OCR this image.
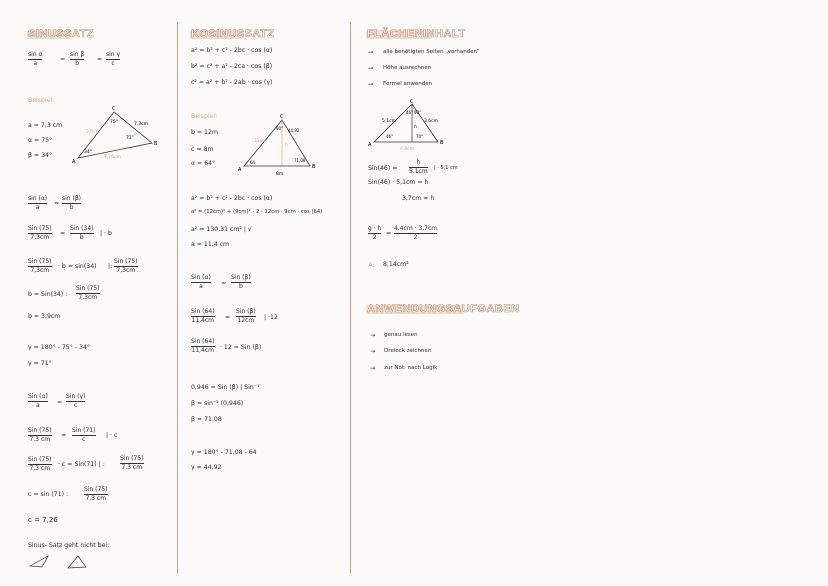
SINUSSATZ
sin α
a
=
sin β
b
=
sin γ
c
Beispiel:
a = 7,3 cm
α = 75°
β = 34°
A
C
B
3,9cm
7,3cm
7,26cm
71°
34°
75°
sin (α)
a
=
sin (β)
b
Sin (75)
7,3cm
=
Sin (34)
b
| · b
Sin (75)
7,3cm
· b = sin(34) |:
Sin (75)
7,3cm
b = Sin(34) :
Sin (75)
7,3cm
b ≈ 3,9cm
γ = 180° - 75° - 34°
γ = 71°
Sin (α)
a	=
Sin (γ)
c
Sin (75)
7,3 cm
=
Sin (71)
c
| · c
Sin (75)
7,3 cm
· c = Sin(71) | :
Sin (75)
7,3 cm
c = sin (71) :
Sin (75)
7,3 cm
c = 7,26
Sinus- Satz geht nicht bei:
KOSINUSSATZ
a² = b² + c² - 2bc · cos (α)
b² = c² + a² - 2ca · cos (β)
c² = a² + b² - 2ab · cos (γ)
Beispiel:
b = 12m
c = 8m
α = 64°
A
C
B
12cm
8m
h
64
44,92
71,08
90°
a² = b² + c² - 2bc · cos (α)
a² = (12cm)² + (9cm)² - 2 · 12cm · 9cm · cos (64)
a² = 130,31 cm² | √
a = 11,4 cm
Sin (α)
a	=
Sin (β)
b
Sin (64)
11,4cm =
Sin (β)
12cm | ·12
Sin (64)
11,4cm · 12 = Sin (β)
0,946 = Sin (β) | Sin⁻¹
β = sin⁻¹ (0,946)
β = 71,08
γ = 180° - 71,08 - 64
γ = 44,92
FLÄCHENINHALT
→ alle benötigten Seiten „vorhanden“
→ Höhe ausrechnen
→ Formel anwenden
A
C
B
5,1cm
4,4cm
3,6cm
h
46°
46°
70°
90°
Sin(46) =
h
5,1cm | · 5,1 cm
Sin(46) · 5,1cm = h
3,7cm ≈ h
g · h
2
=
4,4cm · 3,7cm
2
A: 8,14cm²
ANWENDUNGSAUFGABEN
→ genau lesen
→ Dreieck zeichnen
→ zur Not: nach Logik
